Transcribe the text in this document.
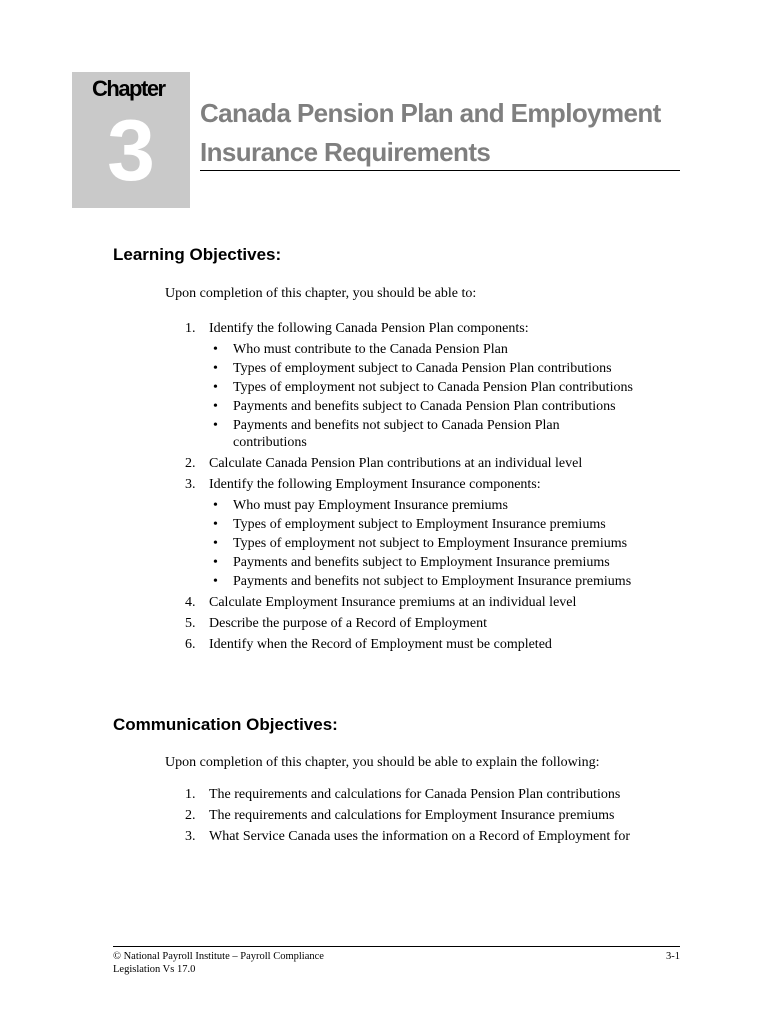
Chapter
3	Canada Pension Plan and Employment
Insurance Requirements
Learning Objectives:
Upon completion of this chapter, you should be able to:
1. Identify the following Canada Pension Plan components:
• Who must contribute to the Canada Pension Plan
• Types of employment subject to Canada Pension Plan contributions
• Types of employment not subject to Canada Pension Plan contributions
• Payments and benefits subject to Canada Pension Plan contributions
• Payments and benefits not subject to Canada Pension Plan contributions
2. Calculate Canada Pension Plan contributions at an individual level
3. Identify the following Employment Insurance components:
• Who must pay Employment Insurance premiums
• Types of employment subject to Employment Insurance premiums
• Types of employment not subject to Employment Insurance premiums
• Payments and benefits subject to Employment Insurance premiums
• Payments and benefits not subject to Employment Insurance premiums
4. Calculate Employment Insurance premiums at an individual level
5. Describe the purpose of a Record of Employment
6. Identify when the Record of Employment must be completed
Communication Objectives:
Upon completion of this chapter, you should be able to explain the following:
1. The requirements and calculations for Canada Pension Plan contributions
2. The requirements and calculations for Employment Insurance premiums
3. What Service Canada uses the information on a Record of Employment for
© National Payroll Institute – Payroll Compliance
Legislation Vs 17.0
3-1
